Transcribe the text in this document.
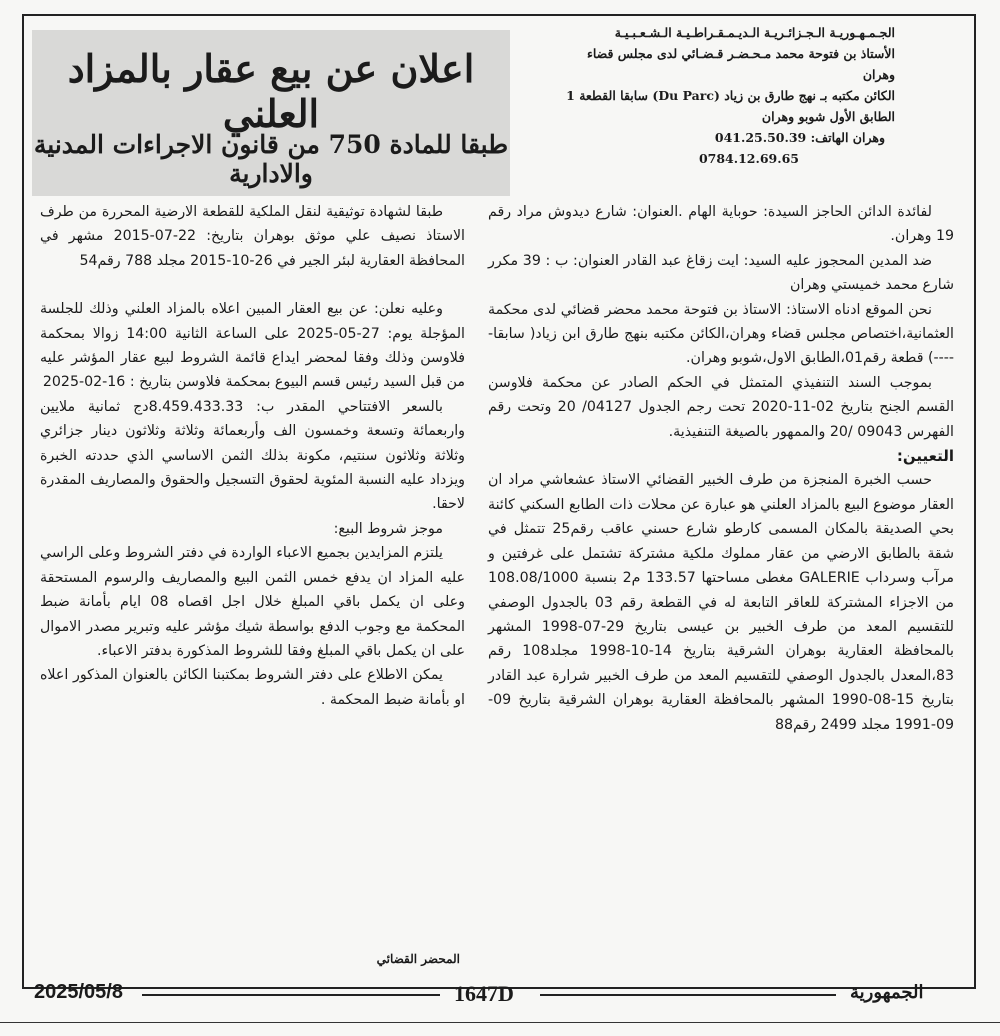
الجـمـهـوريـة الـجـزائـريـة الـديـمـقـراطـيـة الـشـعـبـيـة
الأستاذ بن فتوحة محمد مـحـضـر قـضـائي لدى مجلس قضاء
وهران
الكائن مكتبه بـ نهج طارق بن زياد (Du Parc) سابقا القطعة 1
الطابق الأول شوبو وهران
وهران الهاتف: 041.25.50.39
0784.12.69.65
اعلان عن بيع عقار بالمزاد العلني
طبقا للمادة 750 من قانون الاجراءات المدنية والادارية

لفائدة الدائن الحاجز السيدة: حوباية الهام .العنوان: شارع ديدوش مراد رقم 19 وهران.

ضد المدين المحجوز عليه السيد: ايت زقاغ عبد القادر العنوان: ب : 39 مكرر شارع محمد خميستي وهران

نحن الموقع ادناه الاستاذ: الاستاذ بن فتوحة محمد محضر قضائي لدى محكمة العثمانية،اختصاص مجلس قضاء وهران،الكائن مكتبه بنهج طارق ابن زياد( سابقا-----) قطعة رقم01،الطابق الاول،شوبو وهران.

بموجب السند التنفيذي المتمثل في الحكم الصادر عن محكمة فلاوسن القسم الجنح بتاريخ 02-11-2020 تحت رجم الجدول 04127/ 20 وتحت رقم الفهرس 09043 /20 والممهور بالصيغة التنفيذية.

التعيين:

حسب الخبرة المنجزة من طرف الخبير القضائي الاستاذ عشعاشي مراد ان العقار موضوع البيع بالمزاد العلني هو عبارة عن محلات ذات الطابع السكني كائنة بحي الصديقة بالمكان المسمى كارطو شارع حسني عاقب رقم25 تتمثل في شقة بالطابق الارضي من عقار مملوك ملكية مشتركة تشتمل على غرفتين و مرآب وسرداب GALERIE مغطى مساحتها 133.57 م2 بنسبة 108.08/1000 من الاجزاء المشتركة للعاقر التابعة له في القطعة رقم 03 بالجدول الوصفي للتقسيم المعد من طرف الخبير بن عيسى بتاريخ 29-07-1998 المشهر بالمحافظة العقارية بوهران الشرقية بتاريخ 14-10-1998 مجلد108 رقم 83،المعدل بالجدول الوصفي للتقسيم المعد من طرف الخبير شرارة عبد القادر بتاريخ 15-08-1990 المشهر بالمحافظة العقارية بوهران الشرقية بتاريخ 09-09-1991 مجلد 2499 رقم88

طبقا لشهادة توثيقية لنقل الملكية للقطعة الارضية المحررة من طرف الاستاذ نصيف علي موثق بوهران بتاريخ: 22-07-2015 مشهر في المحافظة العقارية لبئر الجير في 26-10-2015 مجلد 788 رقم54

وعليه نعلن: عن بيع العقار المبين اعلاه بالمزاد العلني وذلك للجلسة المؤجلة يوم: 27-05-2025 على الساعة الثانية 14:00 زوالا بمحكمة فلاوسن وذلك وفقا لمحضر ايداع قائمة الشروط لبيع عقار المؤشر عليه من قبل السيد رئيس قسم البيوع بمحكمة فلاوسن بتاريخ : 16-02-2025

بالسعر الافتتاحي المقدر ب: 8.459.433.33دج ثمانية ملايين واربعمائة وتسعة وخمسون الف وأربعمائة وثلاثة وثلاثون دينار جزائري وثلاثة وثلاثون سنتيم، مكونة بذلك الثمن الاساسي الذي حددته الخبرة ويزداد عليه النسبة المئوية لحقوق التسجيل والحقوق والمصاريف المقدرة لاحقا.

موجز شروط البيع:

يلتزم المزايدين بجميع الاعباء الواردة في دفتر الشروط وعلى الراسي عليه المزاد ان يدفع خمس الثمن البيع والمصاريف والرسوم المستحقة وعلى ان يكمل باقي المبلغ خلال اجل اقصاه 08 ايام بأمانة ضبط المحكمة مع وجوب الدفع بواسطة شيك مؤشر عليه وتبرير مصدر الاموال على ان يكمل باقي المبلغ وفقا للشروط المذكورة بدفتر الاعباء.

يمكن الاطلاع على دفتر الشروط بمكتبنا الكائن بالعنوان المذكور اعلاه او بأمانة ضبط المحكمة .

المحضر القضائي
2025/05/8	1647D	الجمهورية
